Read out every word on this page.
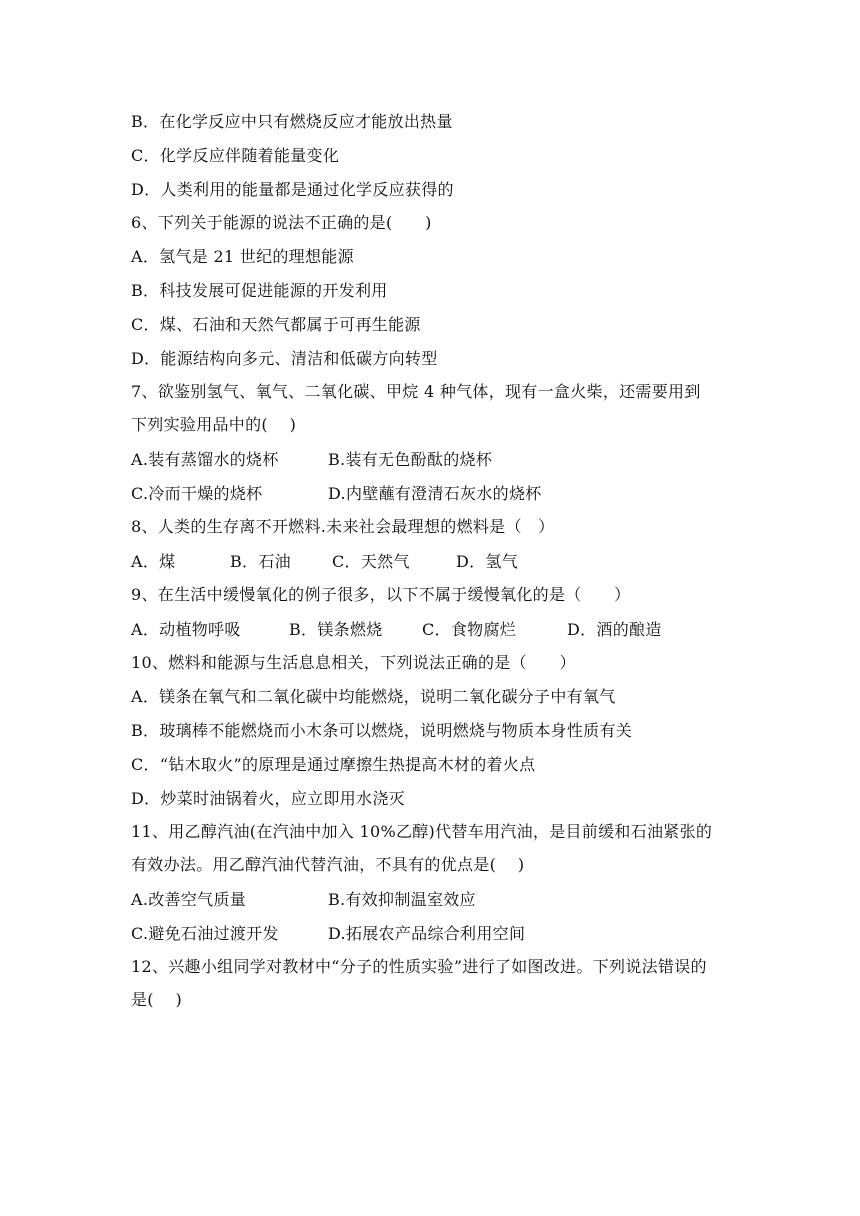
B．在化学反应中只有燃烧反应才能放出热量
C．化学反应伴随着能量变化
D．人类利用的能量都是通过化学反应获得的
6、下列关于能源的说法不正确的是(　　)
A．氢气是 21 世纪的理想能源
B．科技发展可促进能源的开发利用
C．煤、石油和天然气都属于可再生能源
D．能源结构向多元、清洁和低碳方向转型
7、欲鉴别氢气、氧气、二氧化碳、甲烷 4 种气体，现有一盒火柴，还需要用到
下列实验用品中的(　 )
A.装有蒸馏水的烧杯	B.装有无色酚酞的烧杯
C.冷而干燥的烧杯	D.内壁蘸有澄清石灰水的烧杯
8、人类的生存离不开燃料.未来社会最理想的燃料是（　）
A．煤	B．石油	C．天然气	D．氢气
9、在生活中缓慢氧化的例子很多，以下不属于缓慢氧化的是（　　）
A．动植物呼吸	B．镁条燃烧 C．食物腐烂	D．酒的酿造
10、燃料和能源与生活息息相关，下列说法正确的是（　　）
A．镁条在氧气和二氧化碳中均能燃烧，说明二氧化碳分子中有氧气
B．玻璃棒不能燃烧而小木条可以燃烧，说明燃烧与物质本身性质有关
C．“钻木取火”的原理是通过摩擦生热提高木材的着火点
D．炒菜时油锅着火，应立即用水浇灭
11、用乙醇汽油(在汽油中加入 10%乙醇)代替车用汽油，是目前缓和石油紧张的
有效办法。用乙醇汽油代替汽油，不具有的优点是(　 )
A.改善空气质量	B.有效抑制温室效应
C.避免石油过渡开发	D.拓展农产品综合利用空间
12、兴趣小组同学对教材中“分子的性质实验”进行了如图改进。下列说法错误的
是(　 )
